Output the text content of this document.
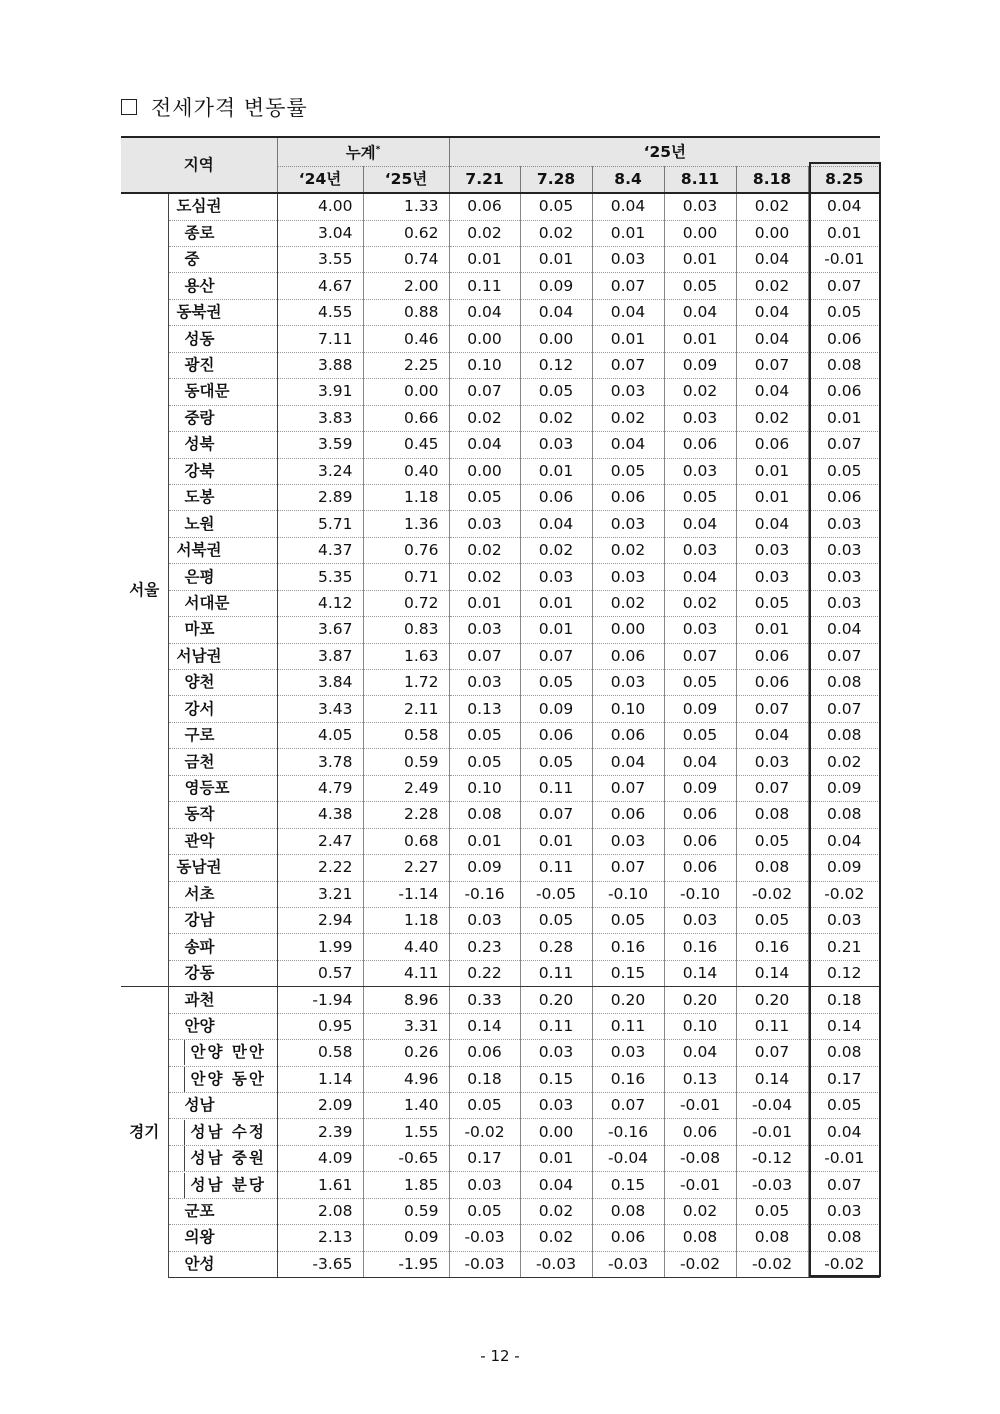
전세가격 변동률
지역		누계*		‘25년					
		‘24년	‘25년	7.21	7.28	8.4	8.11	8.18	8.25
서울	도심권	4.00	1.33	0.06	0.05	0.04	0.03	0.02	0.04
	종로	3.04	0.62	0.02	0.02	0.01	0.00	0.00	0.01
	중	3.55	0.74	0.01	0.01	0.03	0.01	0.04	-0.01
	용산	4.67	2.00	0.11	0.09	0.07	0.05	0.02	0.07
	동북권	4.55	0.88	0.04	0.04	0.04	0.04	0.04	0.05
	성동	7.11	0.46	0.00	0.00	0.01	0.01	0.04	0.06
	광진	3.88	2.25	0.10	0.12	0.07	0.09	0.07	0.08
	동대문	3.91	0.00	0.07	0.05	0.03	0.02	0.04	0.06
	중랑	3.83	0.66	0.02	0.02	0.02	0.03	0.02	0.01
	성북	3.59	0.45	0.04	0.03	0.04	0.06	0.06	0.07
	강북	3.24	0.40	0.00	0.01	0.05	0.03	0.01	0.05
	도봉	2.89	1.18	0.05	0.06	0.06	0.05	0.01	0.06
	노원	5.71	1.36	0.03	0.04	0.03	0.04	0.04	0.03
	서북권	4.37	0.76	0.02	0.02	0.02	0.03	0.03	0.03
	은평	5.35	0.71	0.02	0.03	0.03	0.04	0.03	0.03
	서대문	4.12	0.72	0.01	0.01	0.02	0.02	0.05	0.03
	마포	3.67	0.83	0.03	0.01	0.00	0.03	0.01	0.04
	서남권	3.87	1.63	0.07	0.07	0.06	0.07	0.06	0.07
	양천	3.84	1.72	0.03	0.05	0.03	0.05	0.06	0.08
	강서	3.43	2.11	0.13	0.09	0.10	0.09	0.07	0.07
	구로	4.05	0.58	0.05	0.06	0.06	0.05	0.04	0.08
	금천	3.78	0.59	0.05	0.05	0.04	0.04	0.03	0.02
	영등포	4.79	2.49	0.10	0.11	0.07	0.09	0.07	0.09
	동작	4.38	2.28	0.08	0.07	0.06	0.06	0.08	0.08
	관악	2.47	0.68	0.01	0.01	0.03	0.06	0.05	0.04
	동남권	2.22	2.27	0.09	0.11	0.07	0.06	0.08	0.09
	서초	3.21	-1.14	-0.16	-0.05	-0.10	-0.10	-0.02	-0.02
	강남	2.94	1.18	0.03	0.05	0.05	0.03	0.05	0.03
	송파	1.99	4.40	0.23	0.28	0.16	0.16	0.16	0.21
	강동	0.57	4.11	0.22	0.11	0.15	0.14	0.14	0.12
경기	과천	-1.94	8.96	0.33	0.20	0.20	0.20	0.20	0.18
	안양	0.95	3.31	0.14	0.11	0.11	0.10	0.11	0.14

	안양 만안	0.58	0.26	0.06	0.03	0.03	0.04	0.07	0.08

	안양 동안	1.14	4.96	0.18	0.15	0.16	0.13	0.14	0.17
	성남	2.09	1.40	0.05	0.03	0.07	-0.01	-0.04	0.05

	성남 수정	2.39	1.55	-0.02	0.00	-0.16	0.06	-0.01	0.04

	성남 중원	4.09	-0.65	0.17	0.01	-0.04	-0.08	-0.12	-0.01

	성남 분당	1.61	1.85	0.03	0.04	0.15	-0.01	-0.03	0.07
	군포	2.08	0.59	0.05	0.02	0.08	0.02	0.05	0.03
	의왕	2.13	0.09	-0.03	0.02	0.06	0.08	0.08	0.08
	안성	-3.65	-1.95	-0.03	-0.03	-0.03	-0.02	-0.02	-0.02
- 12 -
